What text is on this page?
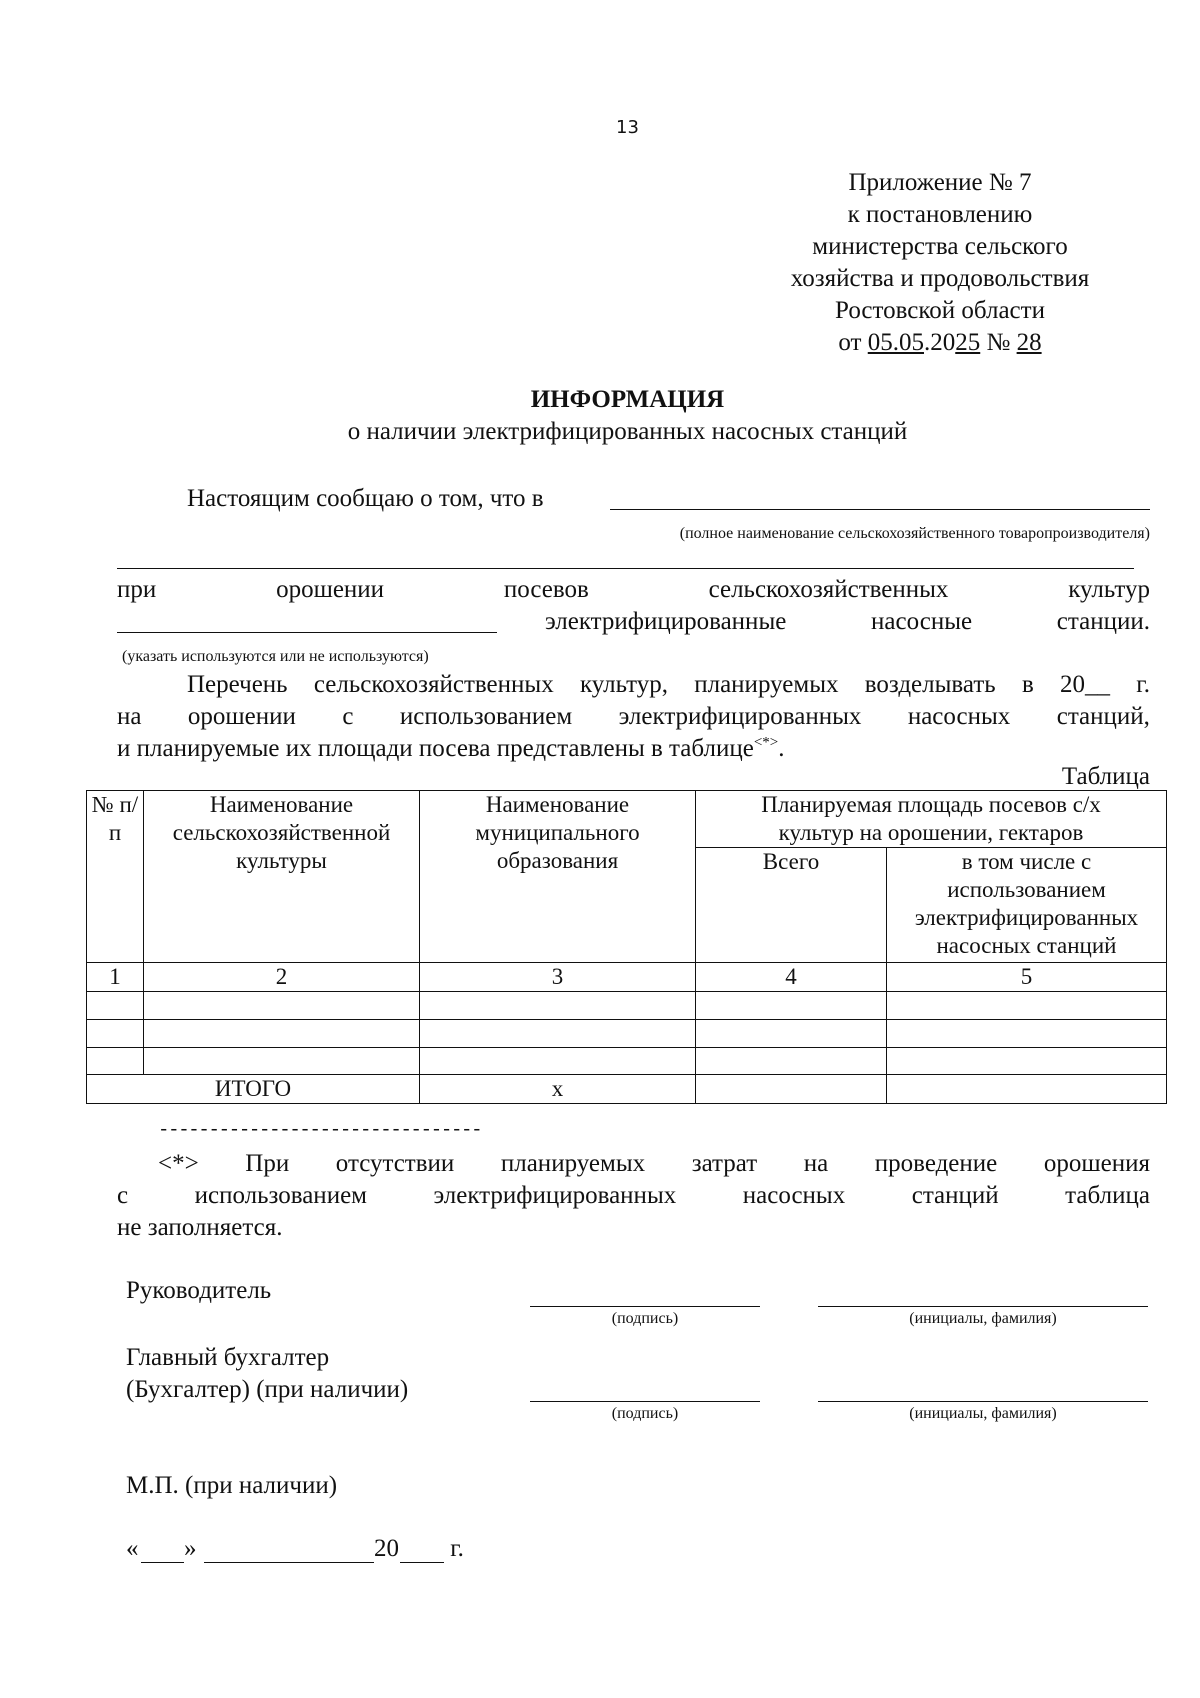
13
Приложение № 7
к постановлению
министерства сельского
хозяйства и продовольствия
Ростовской области
от 05.05.2025 № 28
ИНФОРМАЦИЯ
о наличии электрифицированных насосных станций
Настоящим сообщаю о том, что в
(полное наименование сельскохозяйственного товаропроизводителя)
при	орошении	посевов	сельскохозяйственных	культур
электрифицированные	насосные	станции.
(указать используются или не используются)
Перечень сельскохозяйственных культур, планируемых возделывать в 20__ г.
на орошении с использованием электрифицированных насосных станций,
и планируемые их площади посева представлены в таблице<*>.
Таблица
№ п/п	Наименование сельскохозяйственной культуры	Наименование муниципального образования	Планируемая площадь посевов с/х культур на орошении, гектаров	
			Всего	в том числе с использованием электрифицированных насосных станций
1	2	3	4	5

ИТОГО		х		
--------------------------------
<*> При отсутствии планируемых затрат на проведение орошения
с	использованием	электрифицированных	насосных	станций	таблица
не заполняется.
Руководитель
(подпись)	(инициалы, фамилия)
Главный бухгалтер
(Бухгалтер) (при наличии)
(подпись)	(инициалы, фамилия)
М.П. (при наличии)
« »	20 г.
